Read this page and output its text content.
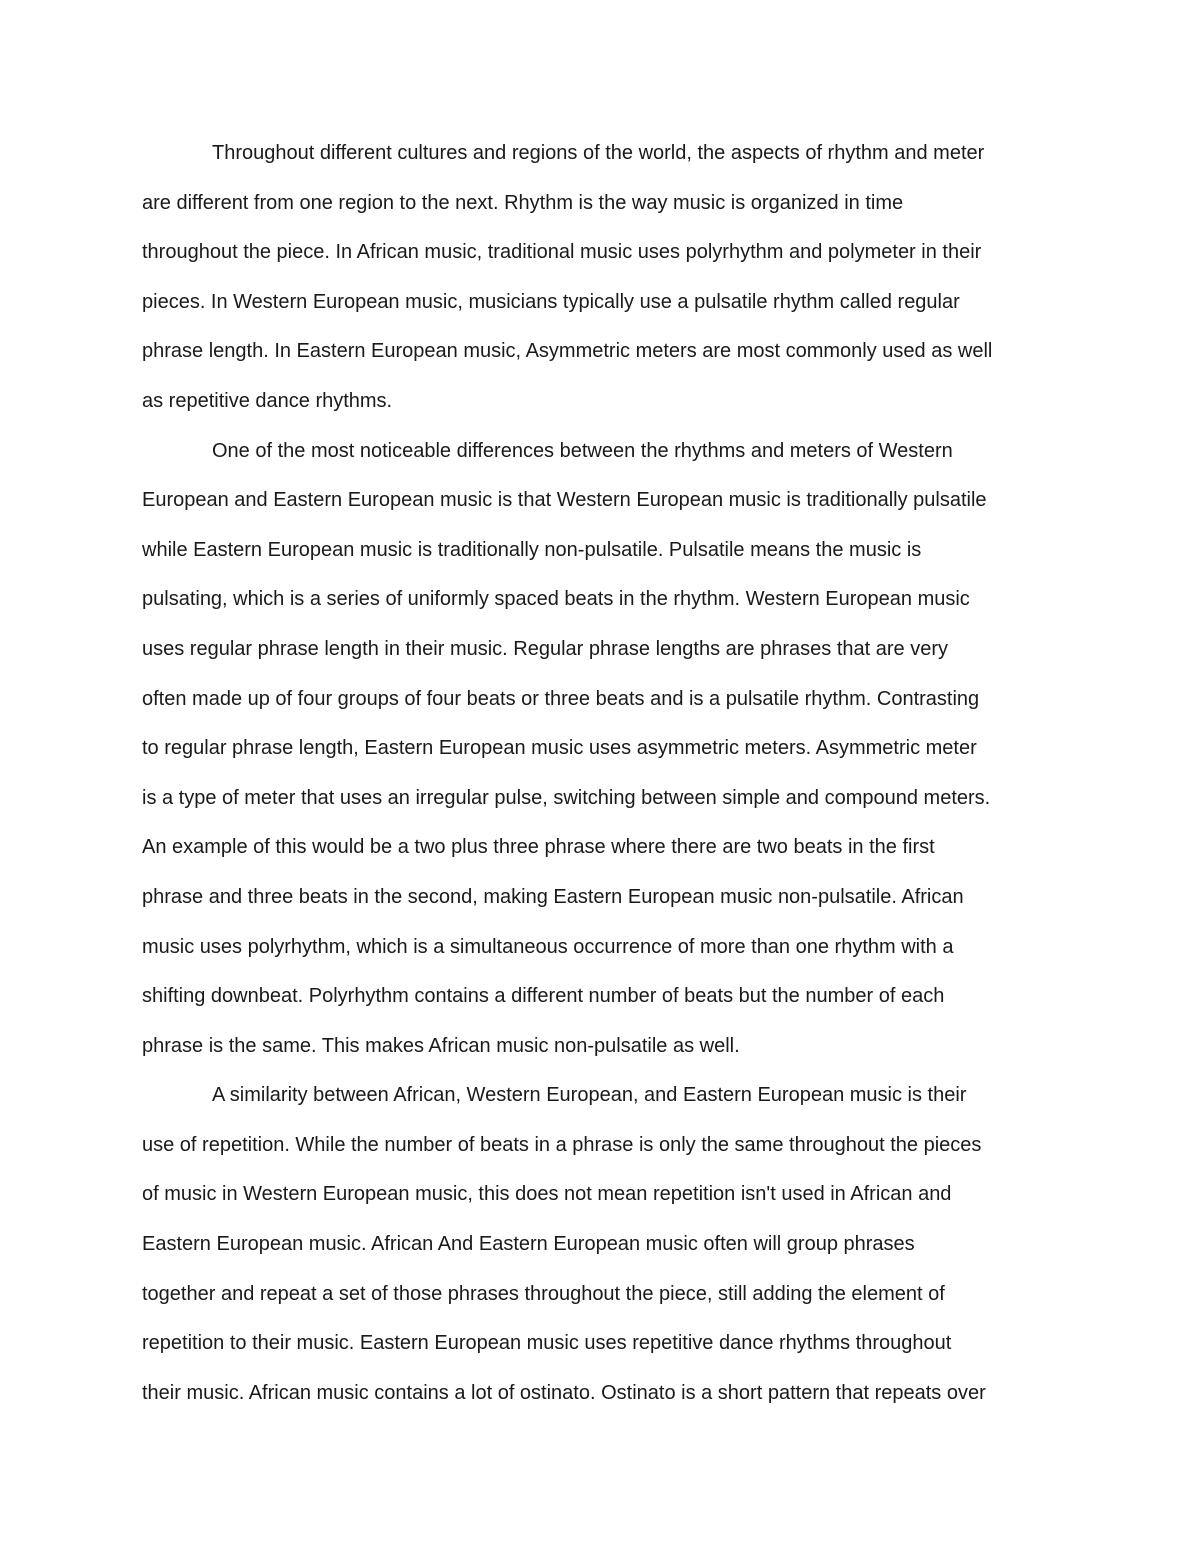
Throughout different cultures and regions of the world, the aspects of rhythm and meter
are different from one region to the next. Rhythm is the way music is organized in time
throughout the piece. In African music, traditional music uses polyrhythm and polymeter in their
pieces. In Western European music, musicians typically use a pulsatile rhythm called regular
phrase length. In Eastern European music, Asymmetric meters are most commonly used as well
as repetitive dance rhythms.

One of the most noticeable differences between the rhythms and meters of Western
European and Eastern European music is that Western European music is traditionally pulsatile
while Eastern European music is traditionally non-pulsatile. Pulsatile means the music is
pulsating, which is a series of uniformly spaced beats in the rhythm. Western European music
uses regular phrase length in their music. Regular phrase lengths are phrases that are very
often made up of four groups of four beats or three beats and is a pulsatile rhythm. Contrasting
to regular phrase length, Eastern European music uses asymmetric meters. Asymmetric meter
is a type of meter that uses an irregular pulse, switching between simple and compound meters.
An example of this would be a two plus three phrase where there are two beats in the first
phrase and three beats in the second, making Eastern European music non-pulsatile. African
music uses polyrhythm, which is a simultaneous occurrence of more than one rhythm with a
shifting downbeat. Polyrhythm contains a different number of beats but the number of each
phrase is the same. This makes African music non-pulsatile as well.

A similarity between African, Western European, and Eastern European music is their
use of repetition. While the number of beats in a phrase is only the same throughout the pieces
of music in Western European music, this does not mean repetition isn't used in African and
Eastern European music. African And Eastern European music often will group phrases
together and repeat a set of those phrases throughout the piece, still adding the element of
repetition to their music. Eastern European music uses repetitive dance rhythms throughout
their music. African music contains a lot of ostinato. Ostinato is a short pattern that repeats over
